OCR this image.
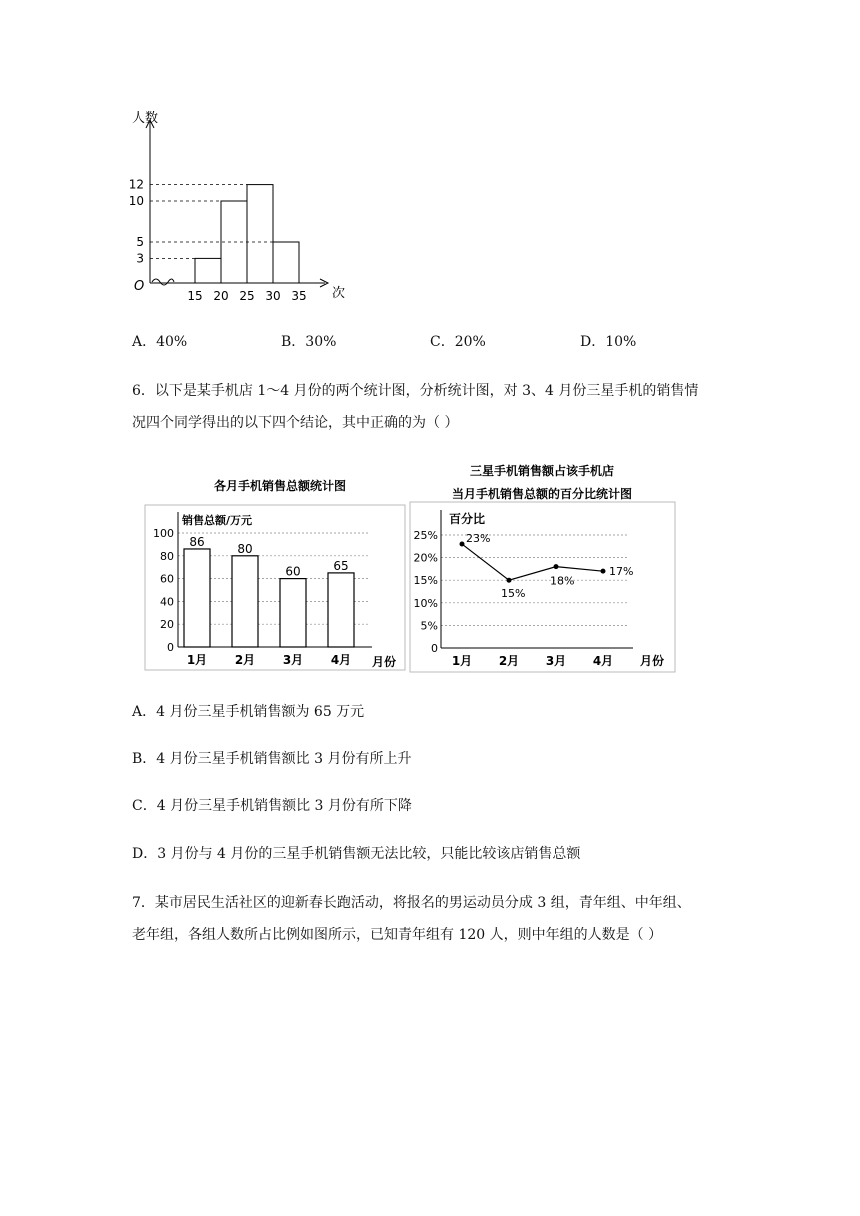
人数
次
O
12
10
5
3
15 20 25 30 35
A．40%	B．30%	C．20%	D．10%
6．以下是某手机店 1～4 月份的两个统计图，分析统计图，对 3、4 月份三星手机的销售情
况四个同学得出的以下四个结论，其中正确的为（ ）
各月手机销售总额统计图
100
80
60
40
20
0
销售总额/万元
月份
86
1月
80
2月
60
3月
65
4月
三星手机销售额占该手机店
当月手机销售总额的百分比统计图
25%
20%
15%
10%
5%
0
百分比
月份
23%
1月
15%
2月
18%
3月
17%
4月
A．4 月份三星手机销售额为 65 万元
B．4 月份三星手机销售额比 3 月份有所上升
C．4 月份三星手机销售额比 3 月份有所下降
D．3 月份与 4 月份的三星手机销售额无法比较，只能比较该店销售总额
7．某市居民生活社区的迎新春长跑活动，将报名的男运动员分成 3 组，青年组、中年组、
老年组，各组人数所占比例如图所示，已知青年组有 120 人，则中年组的人数是（ ）
